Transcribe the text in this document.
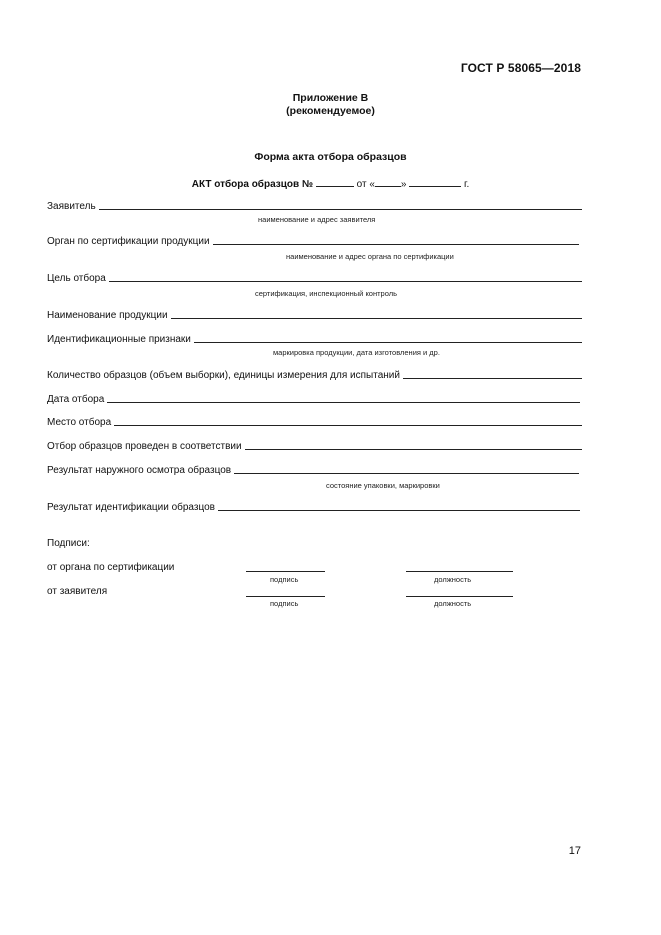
ГОСТ Р 58065—2018
Приложение В
(рекомендуемое)
Форма акта отбора образцов
АКТ отбора образцов №	от «	»	г.
Заявитель
наименование и адрес заявителя
Орган по сертификации продукции
наименование и адрес органа по сертификации
Цель отбора
сертификация, инспекционный контроль
Наименование продукции
Идентификационные признаки
маркировка продукции, дата изготовления и др.
Количество образцов (объем выборки), единицы измерения для испытаний
Дата отбора
Место отбора
Отбор образцов проведен в соответствии
Результат наружного осмотра образцов
состояние упаковки, маркировки
Результат идентификации образцов
Подписи:
от органа по сертификации
подпись	должность
от заявителя
подпись	должность
17
